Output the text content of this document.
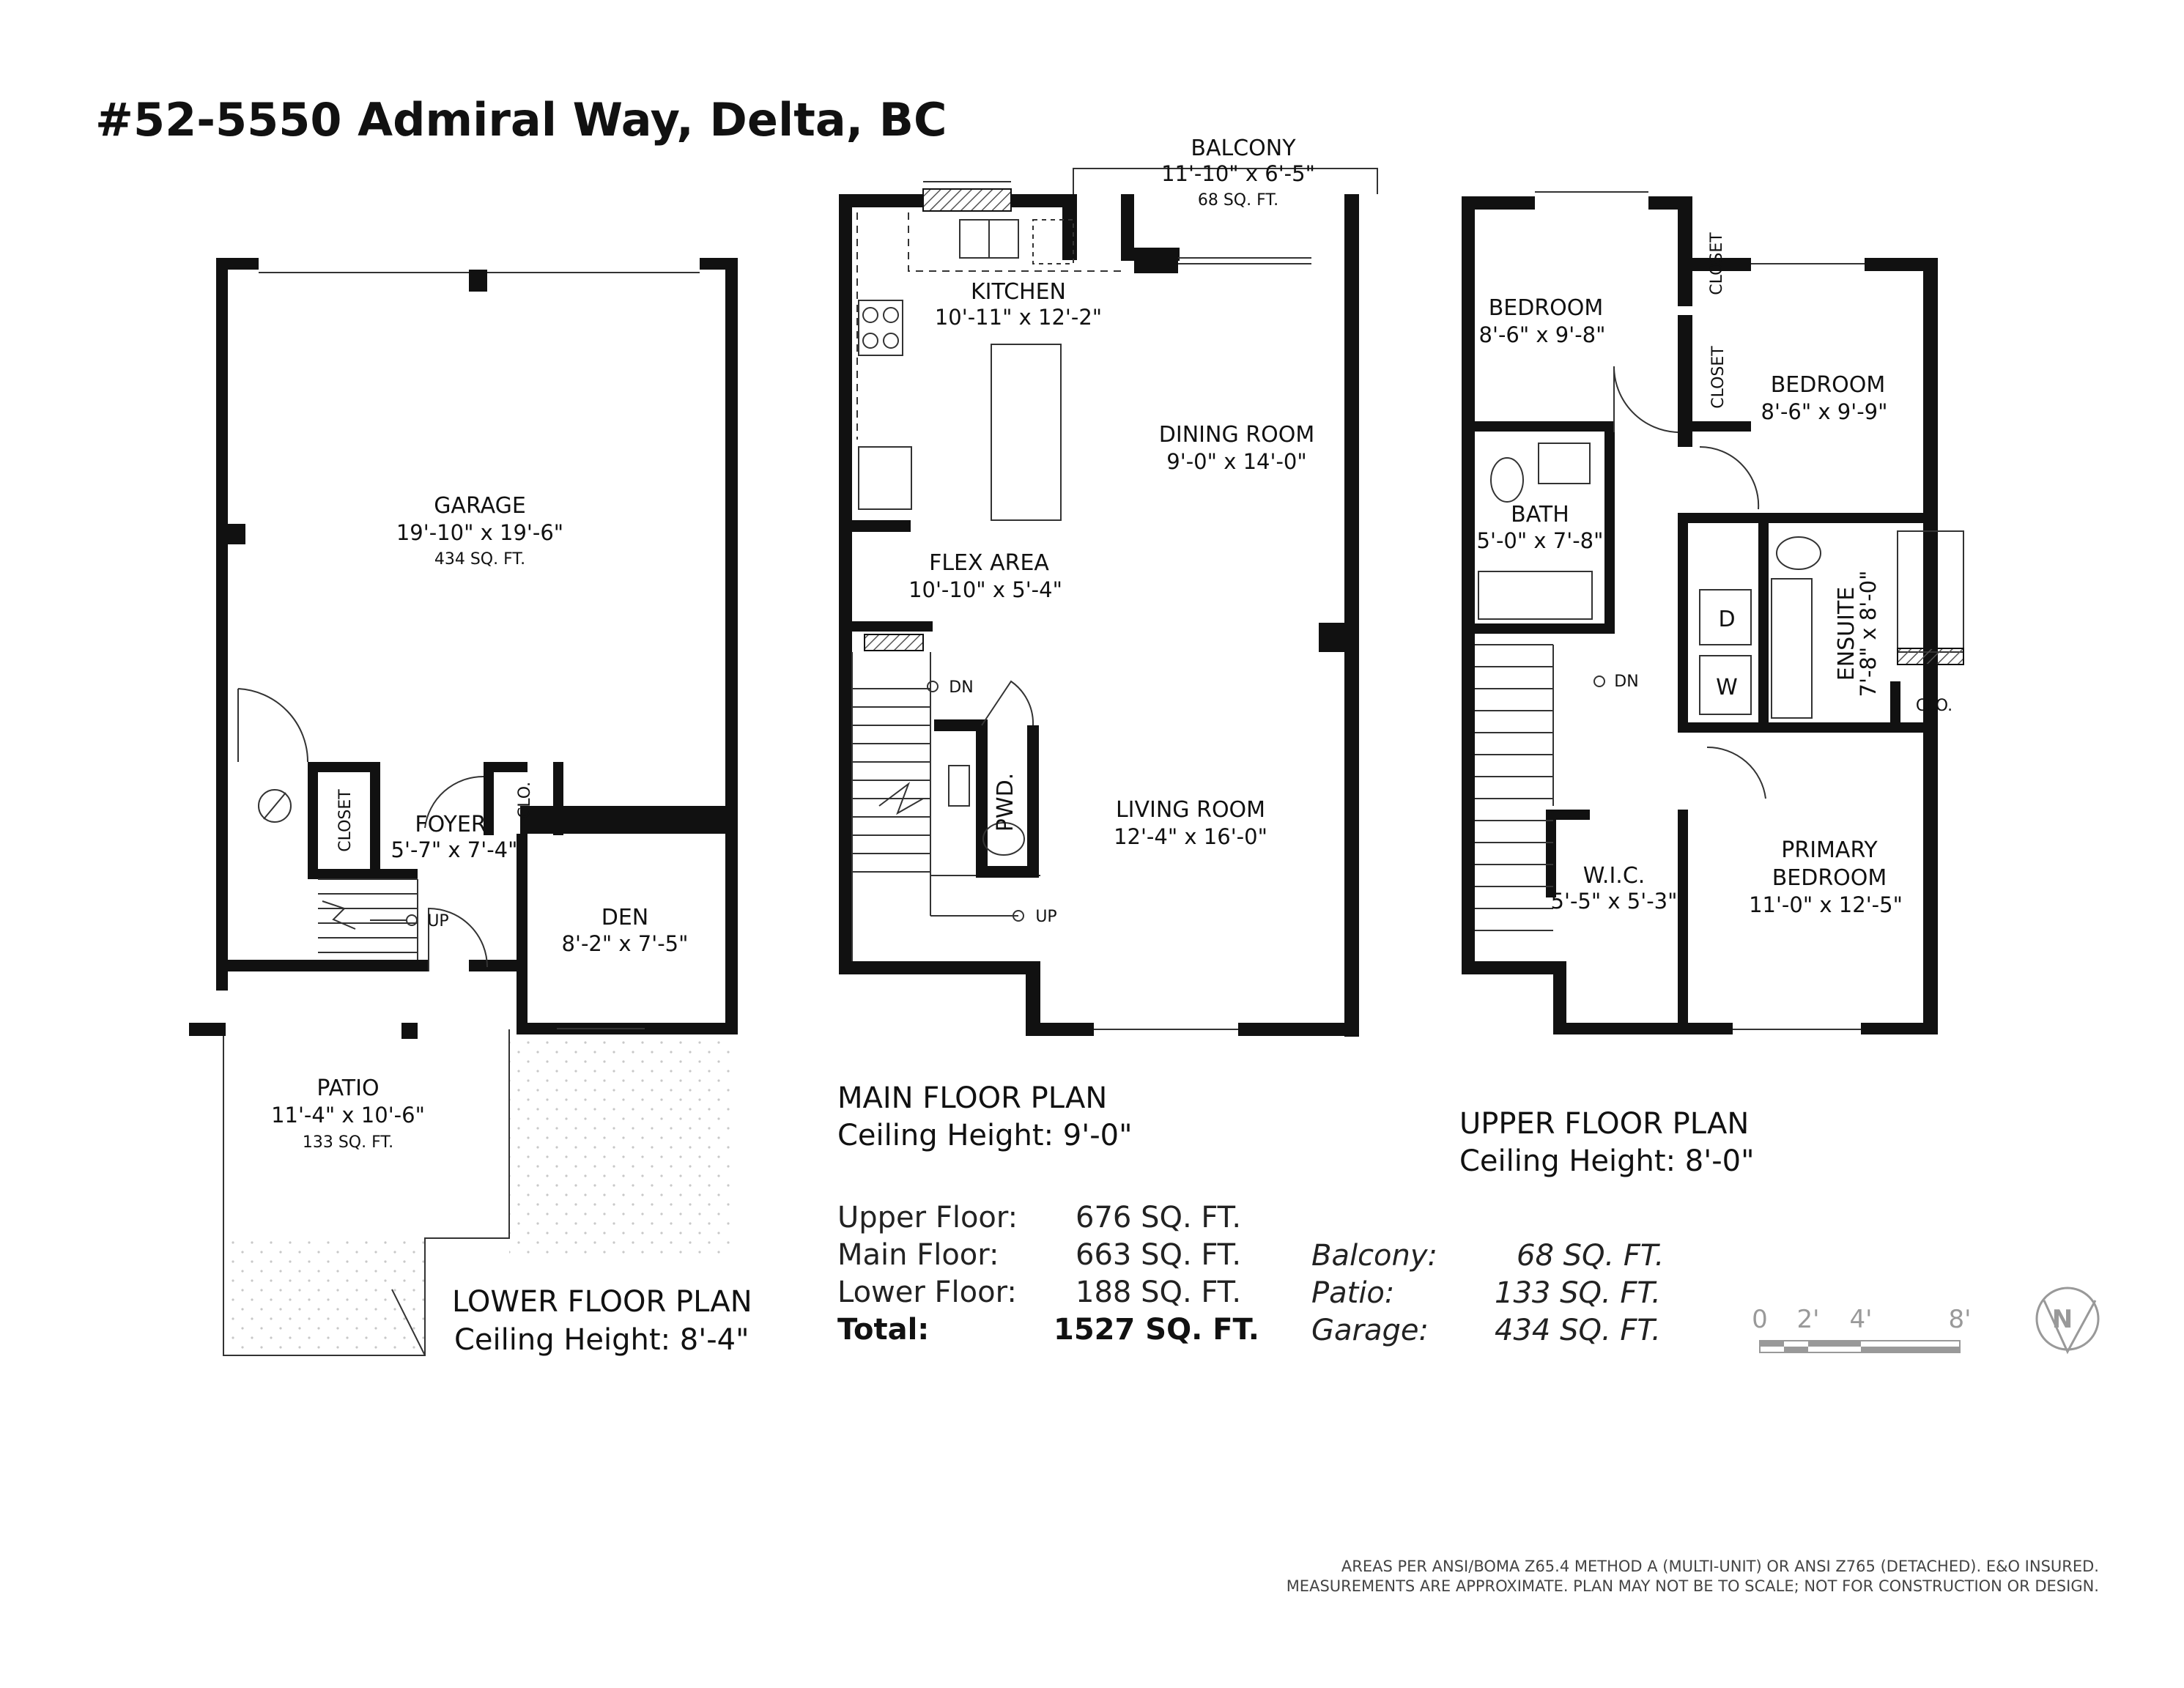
#52-5550 Admiral Way, Delta, BC
GARAGE
19'-10" x 19'-6"
434 SQ. FT.
FOYER
5'-7" x 7'-4"
DEN
8'-2" x 7'-5"
PATIO
11'-4" x 10'-6"
133 SQ. FT.
CLOSET	CLO.
UP
LOWER FLOOR PLAN
Ceiling Height: 8'-4"
BALCONY
11'-10" x 6'-5"
68 SQ. FT.
KITCHEN
10'-11" x 12'-2"
DINING ROOM
9'-0" x 14'-0"
FLEX AREA
10'-10" x 5'-4"
LIVING ROOM
12'-4" x 16'-0"
PWD.
DN
UP
MAIN FLOOR PLAN
Ceiling Height: 9'-0"
BEDROOM
8'-6" x 9'-8"
BEDROOM
8'-6" x 9'-9"
BATH
5'-0" x 7'-8"
ENSUITE
7'-8" x 8'-0"
W.I.C.
5'-5" x 5'-3"
PRIMARY
BEDROOM
11'-0" x 12'-5"
CLOSET
CLOSET
CLO.
D
W
DN
UPPER FLOOR PLAN
Ceiling Height: 8'-0"
Upper Floor: 676 SQ. FT.
Main Floor:	663 SQ. FT.
Lower Floor: 188 SQ. FT.
Total:	1527 SQ. FT.
Balcony:	68 SQ. FT.
Patio:	133 SQ. FT.
Garage: 434 SQ. FT.	0 2' 4'	8'	N
AREAS PER ANSI/BOMA Z65.4 METHOD A (MULTI-UNIT) OR ANSI Z765 (DETACHED). E&O INSURED.
MEASUREMENTS ARE APPROXIMATE. PLAN MAY NOT BE TO SCALE; NOT FOR CONSTRUCTION OR DESIGN.
